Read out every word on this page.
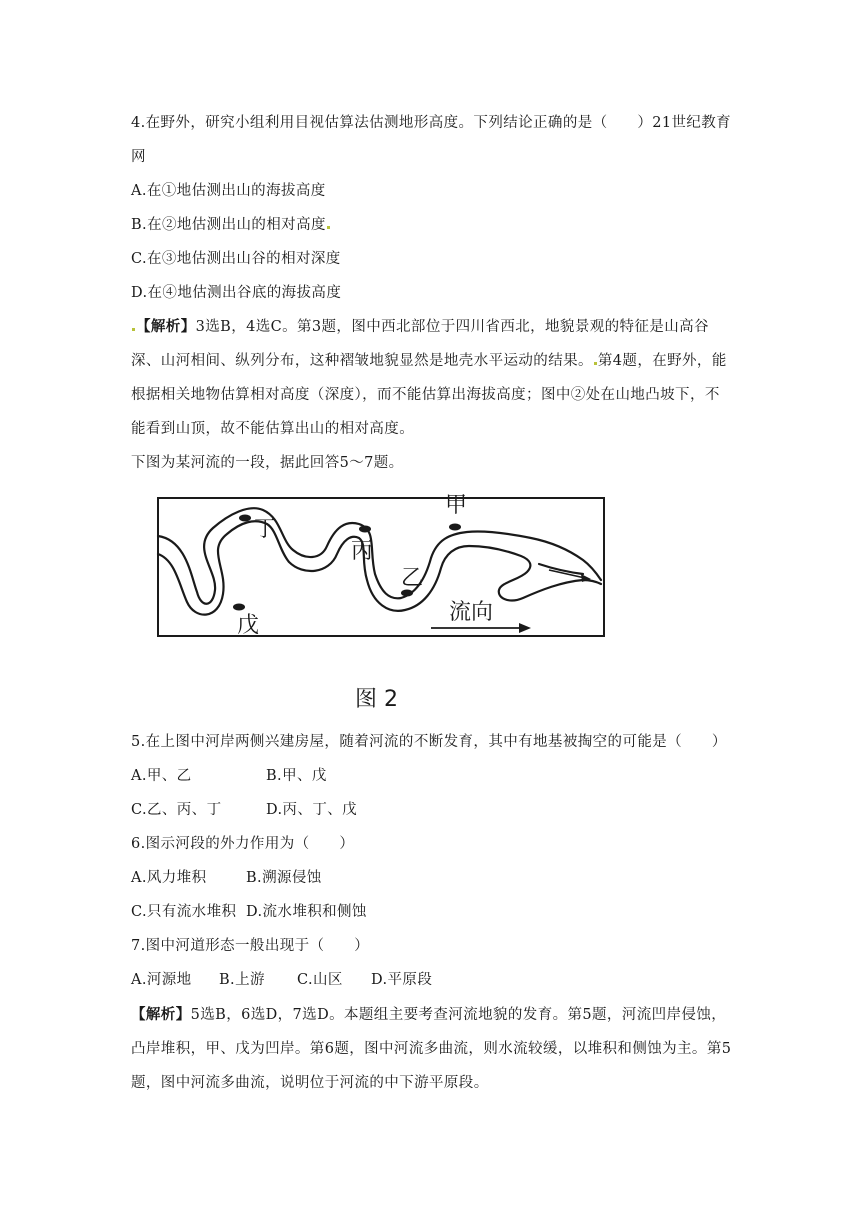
4.在野外，研究小组利用目视估算法估测地形高度。下列结论正确的是（　　）21世纪教育
网
A.在①地估测出山的海拔高度
B.在②地估测出山的相对高度
C.在③地估测出山谷的相对深度
D.在④地估测出谷底的海拔高度
【解析】3选B，4选C。第3题，图中西北部位于四川省西北，地貌景观的特征是山高谷深、山河相间、纵列分布，这种褶皱地貌显然是地壳水平运动的结果。 第4题，在野外，能根据相关地物估算相对高度（深度），而不能估算出海拔高度；图中②处在山地凸坡下，不能看到山顶，故不能估算出山的相对高度。
下图为某河流的一段，据此回答5～7题。
甲
丁
丙
乙
戊
流向
图 2
5.在上图中河岸两侧兴建房屋，随着河流的不断发育，其中有地基被掏空的可能是（　　）
A.甲、乙	B.甲、戊
C.乙、丙、丁	D.丙、丁、戊
6.图示河段的外力作用为（　　）
A.风力堆积	B.溯源侵蚀
C.只有流水堆积 D.流水堆积和侧蚀
7.图中河道形态一般出现于（　　）
A.河源地 B.上游 C.山区 D.平原段
【解析】5选B，6选D，7选D。本题组主要考查河流地貌的发育。第5题，河流凹岸侵蚀，凸岸堆积，甲、戊为凹岸。第6题，图中河流多曲流，则水流较缓，以堆积和侧蚀为主。第5题，图中河流多曲流，说明位于河流的中下游平原段。
